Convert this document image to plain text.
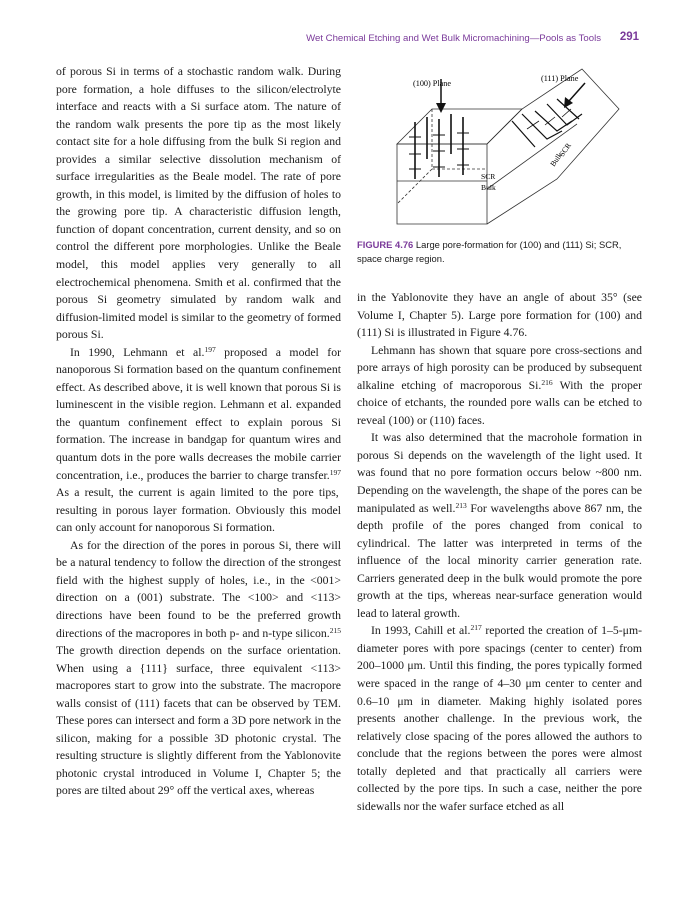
Wet Chemical Etching and Wet Bulk Micromachining—Pools as Tools 291

of porous Si in terms of a stochastic random walk. During pore formation, a hole diffuses to the silicon/electrolyte interface and reacts with a Si surface atom. The nature of the random walk presents the pore tip as the most likely contact site for a hole diffusing from the bulk Si region and provides a similar selective dissolution mechanism of surface irregularities as the Beale model. The rate of pore growth, in this model, is limited by the diffusion of holes to the growing pore tip. A characteristic diffusion length, function of dopant concentration, current density, and so on control the different pore morphologies. Unlike the Beale model, this model applies very generally to all electrochemical phenomena. Smith et al. confirmed that the porous Si geometry simulated by random walk and diffusion-limited model is similar to the geometry of formed porous Si.

In 1990, Lehmann et al.$^{197}$ proposed a model for nanoporous Si formation based on the quantum confinement effect. As described above, it is well known that porous Si is luminescent in the visible region. Lehmann et al. expanded the quantum confinement effect to explain porous Si formation. The increase in bandgap for quantum wires and quantum dots in the pore walls decreases the mobile carrier concentration, i.e., produces the barrier to charge transfer.$^{197}$ As a result, the current is again limited to the pore tips, resulting in porous layer formation. Obviously this model can only account for nanoporous Si formation.

As for the direction of the pores in porous Si, there will be a natural tendency to follow the direction of the strongest field with the highest supply of holes, i.e., in the <001> direction on a (001) substrate. The <100> and <113> directions have been found to be the preferred growth directions of the macropores in both p- and n-type silicon.$^{215}$ The growth direction depends on the surface orientation. When using a {111} surface, three equivalent <113> macropores start to grow into the substrate. The macropore walls consist of (111) facets that can be observed by TEM. These pores can intersect and form a 3D pore network in the silicon, making for a possible 3D photonic crystal. The resulting structure is slightly different from the Yablonovite photonic crystal introduced in Volume I, Chapter 5; the pores are tilted about 29° off the vertical axes, whereas

(100) Plane
(111) Plane
SCR
Bulk
SCR
Bulk
FIGURE 4.76 Large pore-formation for (100) and (111) Si; SCR, space charge region.

in the Yablonovite they have an angle of about 35° (see Volume I, Chapter 5). Large pore formation for (100) and (111) Si is illustrated in Figure 4.76.

Lehmann has shown that square pore cross-sections and pore arrays of high porosity can be produced by subsequent alkaline etching of macroporous Si.$^{216}$ With the proper choice of etchants, the rounded pore walls can be etched to reveal (100) or (110) faces.

It was also determined that the macrohole formation in porous Si depends on the wavelength of the light used. It was found that no pore formation occurs below ~800 nm. Depending on the wavelength, the shape of the pores can be manipulated as well.$^{213}$ For wavelengths above 867 nm, the depth profile of the pores changed from conical to cylindrical. The latter was interpreted in terms of the influence of the local minority carrier generation rate. Carriers generated deep in the bulk would promote the pore growth at the tips, whereas near-surface generation would lead to lateral growth.

In 1993, Cahill et al.$^{217}$ reported the creation of 1–5-μm-diameter pores with pore spacings (center to center) from 200–1000 μm. Until this finding, the pores typically formed were spaced in the range of 4–30 μm center to center and 0.6–10 μm in diameter. Making highly isolated pores presents another challenge. In the previous work, the relatively close spacing of the pores allowed the authors to conclude that the regions between the pores were almost totally depleted and that practically all carriers were collected by the pore tips. In such a case, neither the pore sidewalls nor the wafer surface etched as all
